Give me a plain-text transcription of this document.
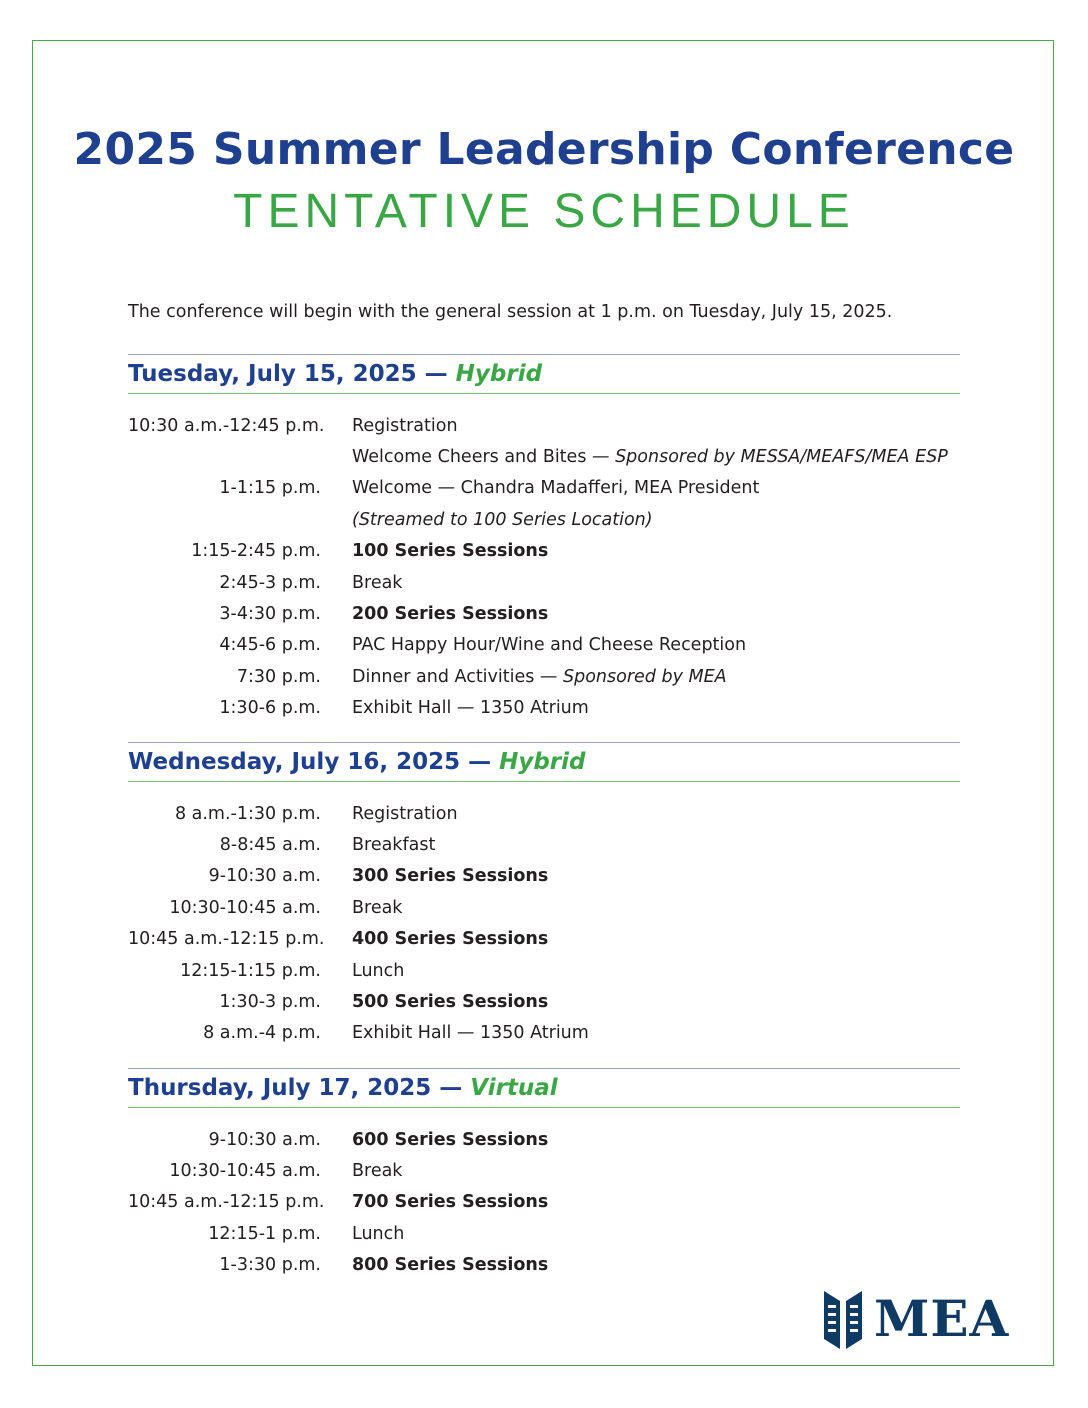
2025 Summer Leadership Conference
TENTATIVE SCHEDULE
The conference will begin with the general session at 1 p.m. on Tuesday, July 15, 2025.
Tuesday, July 15, 2025 — Hybrid
10:30 a.m.-12:45 p.m. Registration
Welcome Cheers and Bites — Sponsored by MESSA/MEAFS/MEA ESP
1-1:15 p.m. Welcome — Chandra Madafferi, MEA President
(Streamed to 100 Series Location)
1:15-2:45 p.m. 100 Series Sessions
2:45-3 p.m. Break
3-4:30 p.m. 200 Series Sessions
4:45-6 p.m. PAC Happy Hour/Wine and Cheese Reception
7:30 p.m. Dinner and Activities — Sponsored by MEA
1:30-6 p.m. Exhibit Hall — 1350 Atrium
Wednesday, July 16, 2025 — Hybrid
8 a.m.-1:30 p.m. Registration
8-8:45 a.m. Breakfast
9-10:30 a.m. 300 Series Sessions
10:30-10:45 a.m. Break
10:45 a.m.-12:15 p.m. 400 Series Sessions
12:15-1:15 p.m. Lunch
1:30-3 p.m. 500 Series Sessions
8 a.m.-4 p.m. Exhibit Hall — 1350 Atrium
Thursday, July 17, 2025 — Virtual
9-10:30 a.m. 600 Series Sessions
10:30-10:45 a.m. Break
10:45 a.m.-12:15 p.m. 700 Series Sessions
12:15-1 p.m. Lunch
1-3:30 p.m. 800 Series Sessions
MEA
